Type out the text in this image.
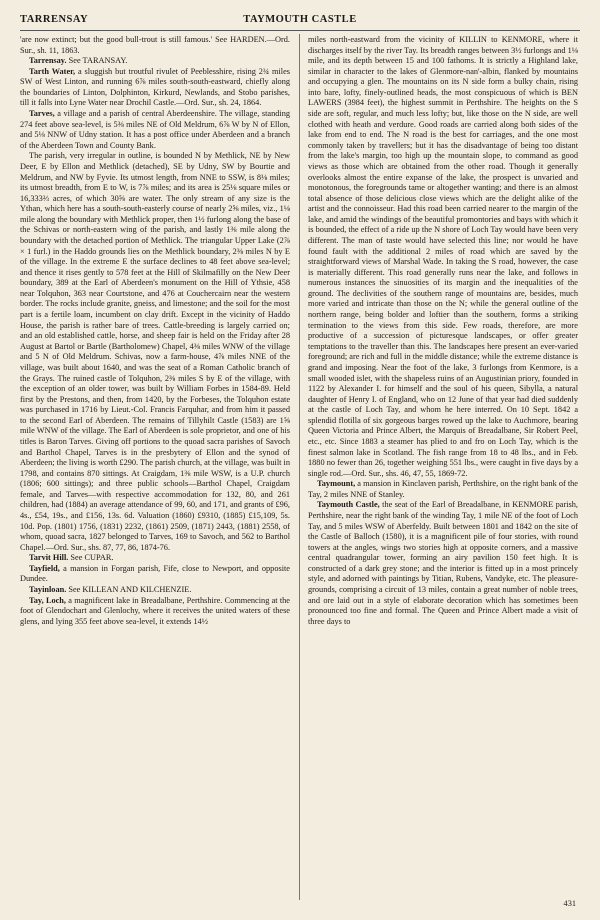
TARRENSAY	TAYMOUTH CASTLE

'are now extinct; but the good bull-trout is still famous.' See HARDEN.—Ord. Sur., sh. 11, 1863.

Tarrensay. See TARANSAY.

Tarth Water, a sluggish but troutful rivulet of Peeblesshire, rising 2¾ miles SW of West Linton, and running 6⅞ miles south-south-eastward, chiefly along the boundaries of Linton, Dolphinton, Kirkurd, Newlands, and Stobo parishes, till it falls into Lyne Water near Drochil Castle.—Ord. Sur., sh. 24, 1864.

Tarves, a village and a parish of central Aberdeenshire. The village, standing 274 feet above sea-level, is 5⅜ miles NE of Old Meldrum, 6⅞ W by N of Ellon, and 5⅛ NNW of Udny station. It has a post office under Aberdeen and a branch of the Aberdeen Town and County Bank.

The parish, very irregular in outline, is bounded N by Methlick, NE by New Deer, E by Ellon and Methlick (detached), SE by Udny, SW by Bourtie and Meldrum, and NW by Fyvie. Its utmost length, from NNE to SSW, is 8⅛ miles; its utmost breadth, from E to W, is 7⅞ miles; and its area is 25⅛ square miles or 16,333⅔ acres, of which 30⅝ are water. The only stream of any size is the Ythan, which here has a south-south-easterly course of nearly 2⅝ miles, viz., 1⅛ mile along the boundary with Methlick proper, then 1½ furlong along the base of the Schivas or north-eastern wing of the parish, and lastly 1⅜ mile along the boundary with the detached portion of Methlick. The triangular Upper Lake (2⅞ × 1 furl.) in the Haddo grounds lies on the Methlick boundary, 2⅜ miles N by E of the village. In the extreme E the surface declines to 48 feet above sea-level; and thence it rises gently to 578 feet at the Hill of Skilmafilly on the New Deer boundary, 389 at the Earl of Aberdeen's monument on the Hill of Ythsie, 458 near Tolquhon, 363 near Courtstone, and 476 at Couchercairn near the western border. The rocks include granite, gneiss, and limestone; and the soil for the most part is a fertile loam, incumbent on clay drift. Except in the vicinity of Haddo House, the parish is rather bare of trees. Cattle-breeding is largely carried on; and an old established cattle, horse, and sheep fair is held on the Friday after 28 August at Bartol or Bartle (Bartholomew) Chapel, 4⅜ miles WNW of the village and 5 N of Old Meldrum. Schivas, now a farm-house, 4⅞ miles NNE of the village, was built about 1640, and was the seat of a Roman Catholic branch of the Grays. The ruined castle of Tolquhon, 2⅜ miles S by E of the village, with the exception of an older tower, was built by William Forbes in 1584-89. Held first by the Prestons, and then, from 1420, by the Forbeses, the Tolquhon estate was purchased in 1716 by Lieut.-Col. Francis Farquhar, and from him it passed to the second Earl of Aberdeen. The remains of Tillyhilt Castle (1583) are 1⅝ mile WNW of the village. The Earl of Aberdeen is sole proprietor, and one of his titles is Baron Tarves. Giving off portions to the quoad sacra parishes of Savoch and Barthol Chapel, Tarves is in the presbytery of Ellon and the synod of Aberdeen; the living is worth £290. The parish church, at the village, was built in 1798, and contains 870 sittings. At Craigdam, 1⅜ mile WSW, is a U.P. church (1806; 600 sittings); and three public schools—Barthol Chapel, Craigdam female, and Tarves—with respective accommodation for 132, 80, and 261 children, had (1884) an average attendance of 99, 60, and 171, and grants of £96, 4s., £54, 19s., and £156, 13s. 6d. Valuation (1860) £9310, (1885) £15,109, 5s. 10d. Pop. (1801) 1756, (1831) 2232, (1861) 2509, (1871) 2443, (1881) 2558, of whom, quoad sacra, 1827 belonged to Tarves, 169 to Savoch, and 562 to Barthol Chapel.—Ord. Sur., shs. 87, 77, 86, 1874-76.

Tarvit Hill. See CUPAR.

Tayfield, a mansion in Forgan parish, Fife, close to Newport, and opposite Dundee.

Tayinloan. See KILLEAN AND KILCHENZIE.

Tay, Loch, a magnificent lake in Breadalbane, Perthshire. Commencing at the foot of Glendochart and Glenlochy, where it receives the united waters of these glens, and lying 355 feet above sea-level, it extends 14½

miles north-eastward from the vicinity of KILLIN to KENMORE, where it discharges itself by the river Tay. Its breadth ranges between 3½ furlongs and 1⅛ mile, and its depth between 15 and 100 fathoms. It is strictly a Highland lake, similar in character to the lakes of Glenmore-nan'-albin, flanked by mountains and occupying a glen. The mountains on its N side form a bulky chain, rising into bare, lofty, finely-outlined heads, the most conspicuous of which is BEN LAWERS (3984 feet), the highest summit in Perthshire. The heights on the S side are soft, regular, and much less lofty; but, like those on the N side, are well clothed with heath and verdure. Good roads are carried along both sides of the lake from end to end. The N road is the best for carriages, and the one most commonly taken by travellers; but it has the disadvantage of being too distant from the lake's margin, too high up the mountain slope, to command as good views as those which are obtained from the other road. Though it generally overlooks almost the entire expanse of the lake, the prospect is unvaried and monotonous, the foregrounds tame or altogether wanting; and there is an almost total absence of those delicious close views which are the delight alike of the artist and the connoisseur. Had this road been carried nearer to the margin of the lake, and amid the windings of the beautiful promontories and bays with which it is bounded, the effect of a ride up the N shore of Loch Tay would have been very different. The man of taste would have selected this line; nor would he have found fault with the additional 2 miles of road which are saved by the straightforward views of Marshal Wade. In taking the S road, however, the case is materially different. This road generally runs near the lake, and follows in numerous instances the sinuosities of its margin and the inequalities of the ground. The declivities of the southern range of mountains are, besides, much more varied and intricate than those on the N; while the general outline of the northern range, being bolder and loftier than the southern, forms a striking termination to the views from this side. Few roads, therefore, are more productive of a succession of picturesque landscapes, or offer greater temptations to the traveller than this. The landscapes here present an ever-varied foreground; are rich and full in the middle distance; while the extreme distance is grand and imposing. Near the foot of the lake, 3 furlongs from Kenmore, is a small wooded islet, with the shapeless ruins of an Augustinian priory, founded in 1122 by Alexander I. for himself and the soul of his queen, Sibylla, a natural daughter of Henry I. of England, who on 12 June of that year had died suddenly at the castle of Loch Tay, and whom he here interred. On 10 Sept. 1842 a splendid flotilla of six gorgeous barges rowed up the lake to Auchmore, bearing Queen Victoria and Prince Albert, the Marquis of Breadalbane, Sir Robert Peel, etc., etc. Since 1883 a steamer has plied to and fro on Loch Tay, which is the finest salmon lake in Scotland. The fish range from 18 to 48 lbs., and in Feb. 1880 no fewer than 26, together weighing 551 lbs., were caught in five days by a single rod.—Ord. Sur., shs. 46, 47, 55, 1869-72.

Taymount, a mansion in Kinclaven parish, Perthshire, on the right bank of the Tay, 2 miles NNE of Stanley.

Taymouth Castle, the seat of the Earl of Breadalbane, in KENMORE parish, Perthshire, near the right bank of the winding Tay, 1 mile NE of the foot of Loch Tay, and 5 miles WSW of Aberfeldy. Built between 1801 and 1842 on the site of the Castle of Balloch (1580), it is a magnificent pile of four stories, with round towers at the angles, wings two stories high at opposite corners, and a massive central quadrangular tower, forming an airy pavilion 150 feet high. It is constructed of a dark grey stone; and the interior is fitted up in a most princely style, and adorned with paintings by Titian, Rubens, Vandyke, etc. The pleasure-grounds, comprising a circuit of 13 miles, contain a great number of noble trees, and ore laid out in a style of elaborate decoration which has sometimes been pronounced too fine and formal. The Queen and Prince Albert made a visit of three days to

431
